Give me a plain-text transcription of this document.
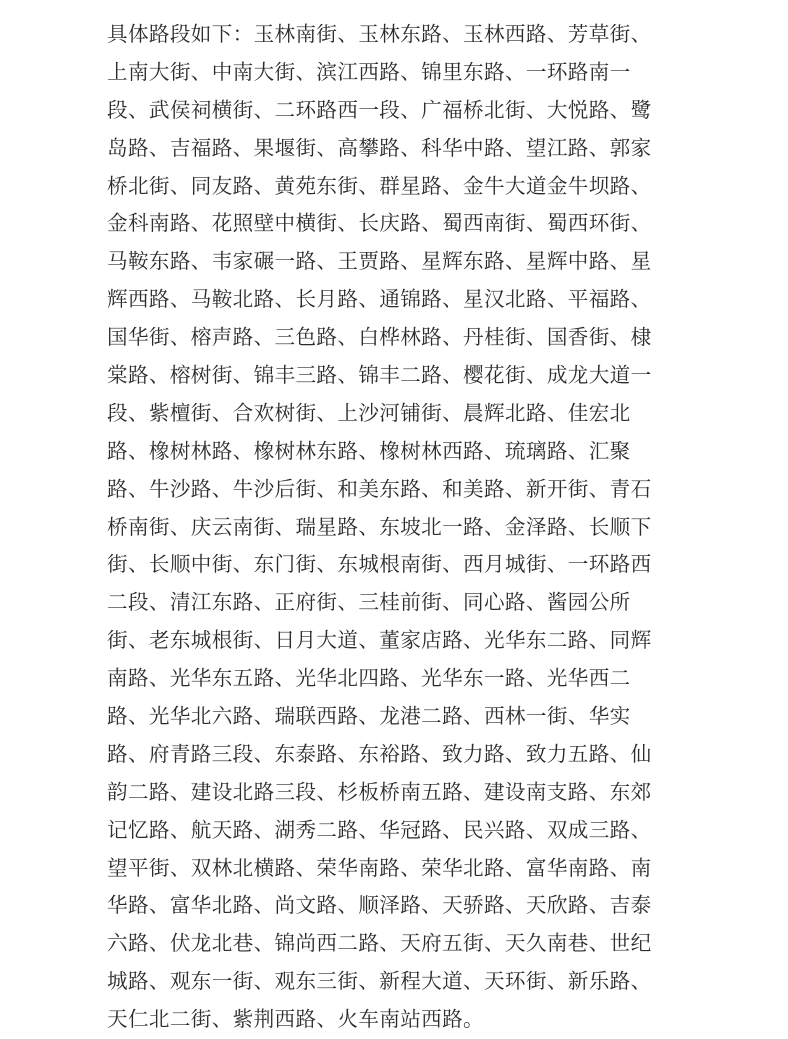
具体路段如下：玉林南街、玉林东路、玉林西路、芳草街、
上南大街、中南大街、滨江西路、锦里东路、一环路南一
段、武侯祠横街、二环路西一段、广福桥北街、大悦路、鹭
岛路、吉福路、果堰街、高攀路、科华中路、望江路、郭家
桥北街、同友路、黄苑东街、群星路、金牛大道金牛坝路、
金科南路、花照壁中横街、长庆路、蜀西南街、蜀西环街、
马鞍东路、韦家碾一路、王贾路、星辉东路、星辉中路、星
辉西路、马鞍北路、长月路、通锦路、星汉北路、平福路、
国华街、榕声路、三色路、白桦林路、丹桂街、国香街、棣
棠路、榕树街、锦丰三路、锦丰二路、樱花街、成龙大道一
段、紫檀街、合欢树街、上沙河铺街、晨辉北路、佳宏北
路、橡树林路、橡树林东路、橡树林西路、琉璃路、汇聚
路、牛沙路、牛沙后街、和美东路、和美路、新开街、青石
桥南街、庆云南街、瑞星路、东坡北一路、金泽路、长顺下
街、长顺中街、东门街、东城根南街、西月城街、一环路西
二段、清江东路、正府街、三桂前街、同心路、酱园公所
街、老东城根街、日月大道、董家店路、光华东二路、同辉
南路、光华东五路、光华北四路、光华东一路、光华西二
路、光华北六路、瑞联西路、龙港二路、西林一街、华实
路、府青路三段、东泰路、东裕路、致力路、致力五路、仙
韵二路、建设北路三段、杉板桥南五路、建设南支路、东郊
记忆路、航天路、湖秀二路、华冠路、民兴路、双成三路、
望平街、双林北横路、荣华南路、荣华北路、富华南路、南
华路、富华北路、尚文路、顺泽路、天骄路、天欣路、吉泰
六路、伏龙北巷、锦尚西二路、天府五街、天久南巷、世纪
城路、观东一街、观东三街、新程大道、天环街、新乐路、
天仁北二街、紫荆西路、火车南站西路。
